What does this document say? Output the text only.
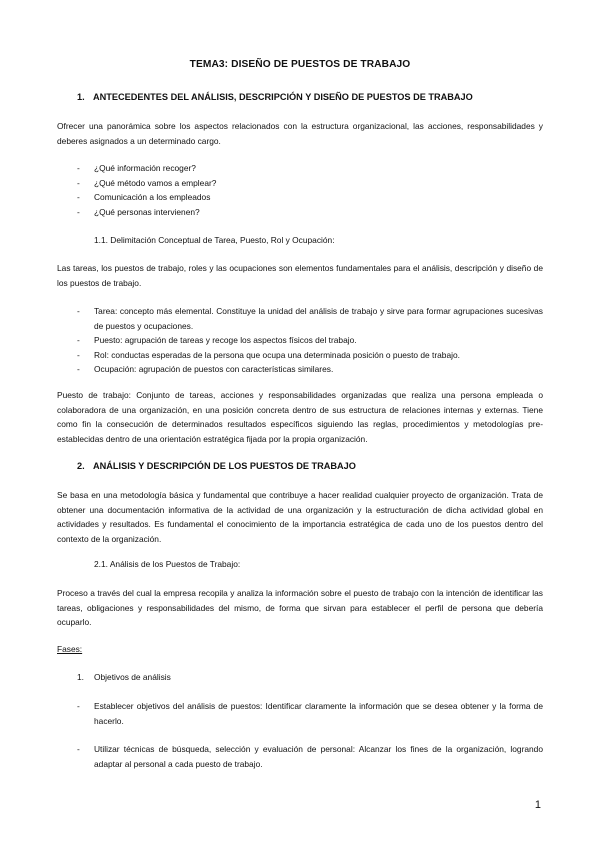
TEMA3: DISEÑO DE PUESTOS DE TRABAJO
1. ANTECEDENTES DEL ANÁLISIS, DESCRIPCIÓN Y DISEÑO DE PUESTOS DE TRABAJO
Ofrecer una panorámica sobre los aspectos relacionados con la estructura organizacional, las acciones, responsabilidades y deberes asignados a un determinado cargo.
- ¿Qué información recoger?
- ¿Qué método vamos a emplear?
- Comunicación a los empleados
- ¿Qué personas intervienen?
1.1. Delimitación Conceptual de Tarea, Puesto, Rol y Ocupación:
Las tareas, los puestos de trabajo, roles y las ocupaciones son elementos fundamentales para el análisis, descripción y diseño de los puestos de trabajo.
- Tarea: concepto más elemental. Constituye la unidad del análisis de trabajo y sirve para formar agrupaciones sucesivas de puestos y ocupaciones.
- Puesto: agrupación de tareas y recoge los aspectos físicos del trabajo.
- Rol: conductas esperadas de la persona que ocupa una determinada posición o puesto de trabajo.
- Ocupación: agrupación de puestos con características similares.
Puesto de trabajo: Conjunto de tareas, acciones y responsabilidades organizadas que realiza una persona empleada o colaboradora de una organización, en una posición concreta dentro de sus estructura de relaciones internas y externas. Tiene como fin la consecución de determinados resultados específicos siguiendo las reglas, procedimientos y metodologías pre-establecidas dentro de una orientación estratégica fijada por la propia organización.
2. ANÁLISIS Y DESCRIPCIÓN DE LOS PUESTOS DE TRABAJO
Se basa en una metodología básica y fundamental que contribuye a hacer realidad cualquier proyecto de organización. Trata de obtener una documentación informativa de la actividad de una organización y la estructuración de dicha actividad global en actividades y resultados. Es fundamental el conocimiento de la importancia estratégica de cada uno de los puestos dentro del contexto de la organización.
2.1. Análisis de los Puestos de Trabajo:
Proceso a través del cual la empresa recopila y analiza la información sobre el puesto de trabajo con la intención de identificar las tareas, obligaciones y responsabilidades del mismo, de forma que sirvan para establecer el perfil de persona que debería ocuparlo.
Fases:
1. Objetivos de análisis
- Establecer objetivos del análisis de puestos: Identificar claramente la información que se desea obtener y la forma de hacerlo.
- Utilizar técnicas de búsqueda, selección y evaluación de personal: Alcanzar los fines de la organización, logrando adaptar al personal a cada puesto de trabajo.
1
